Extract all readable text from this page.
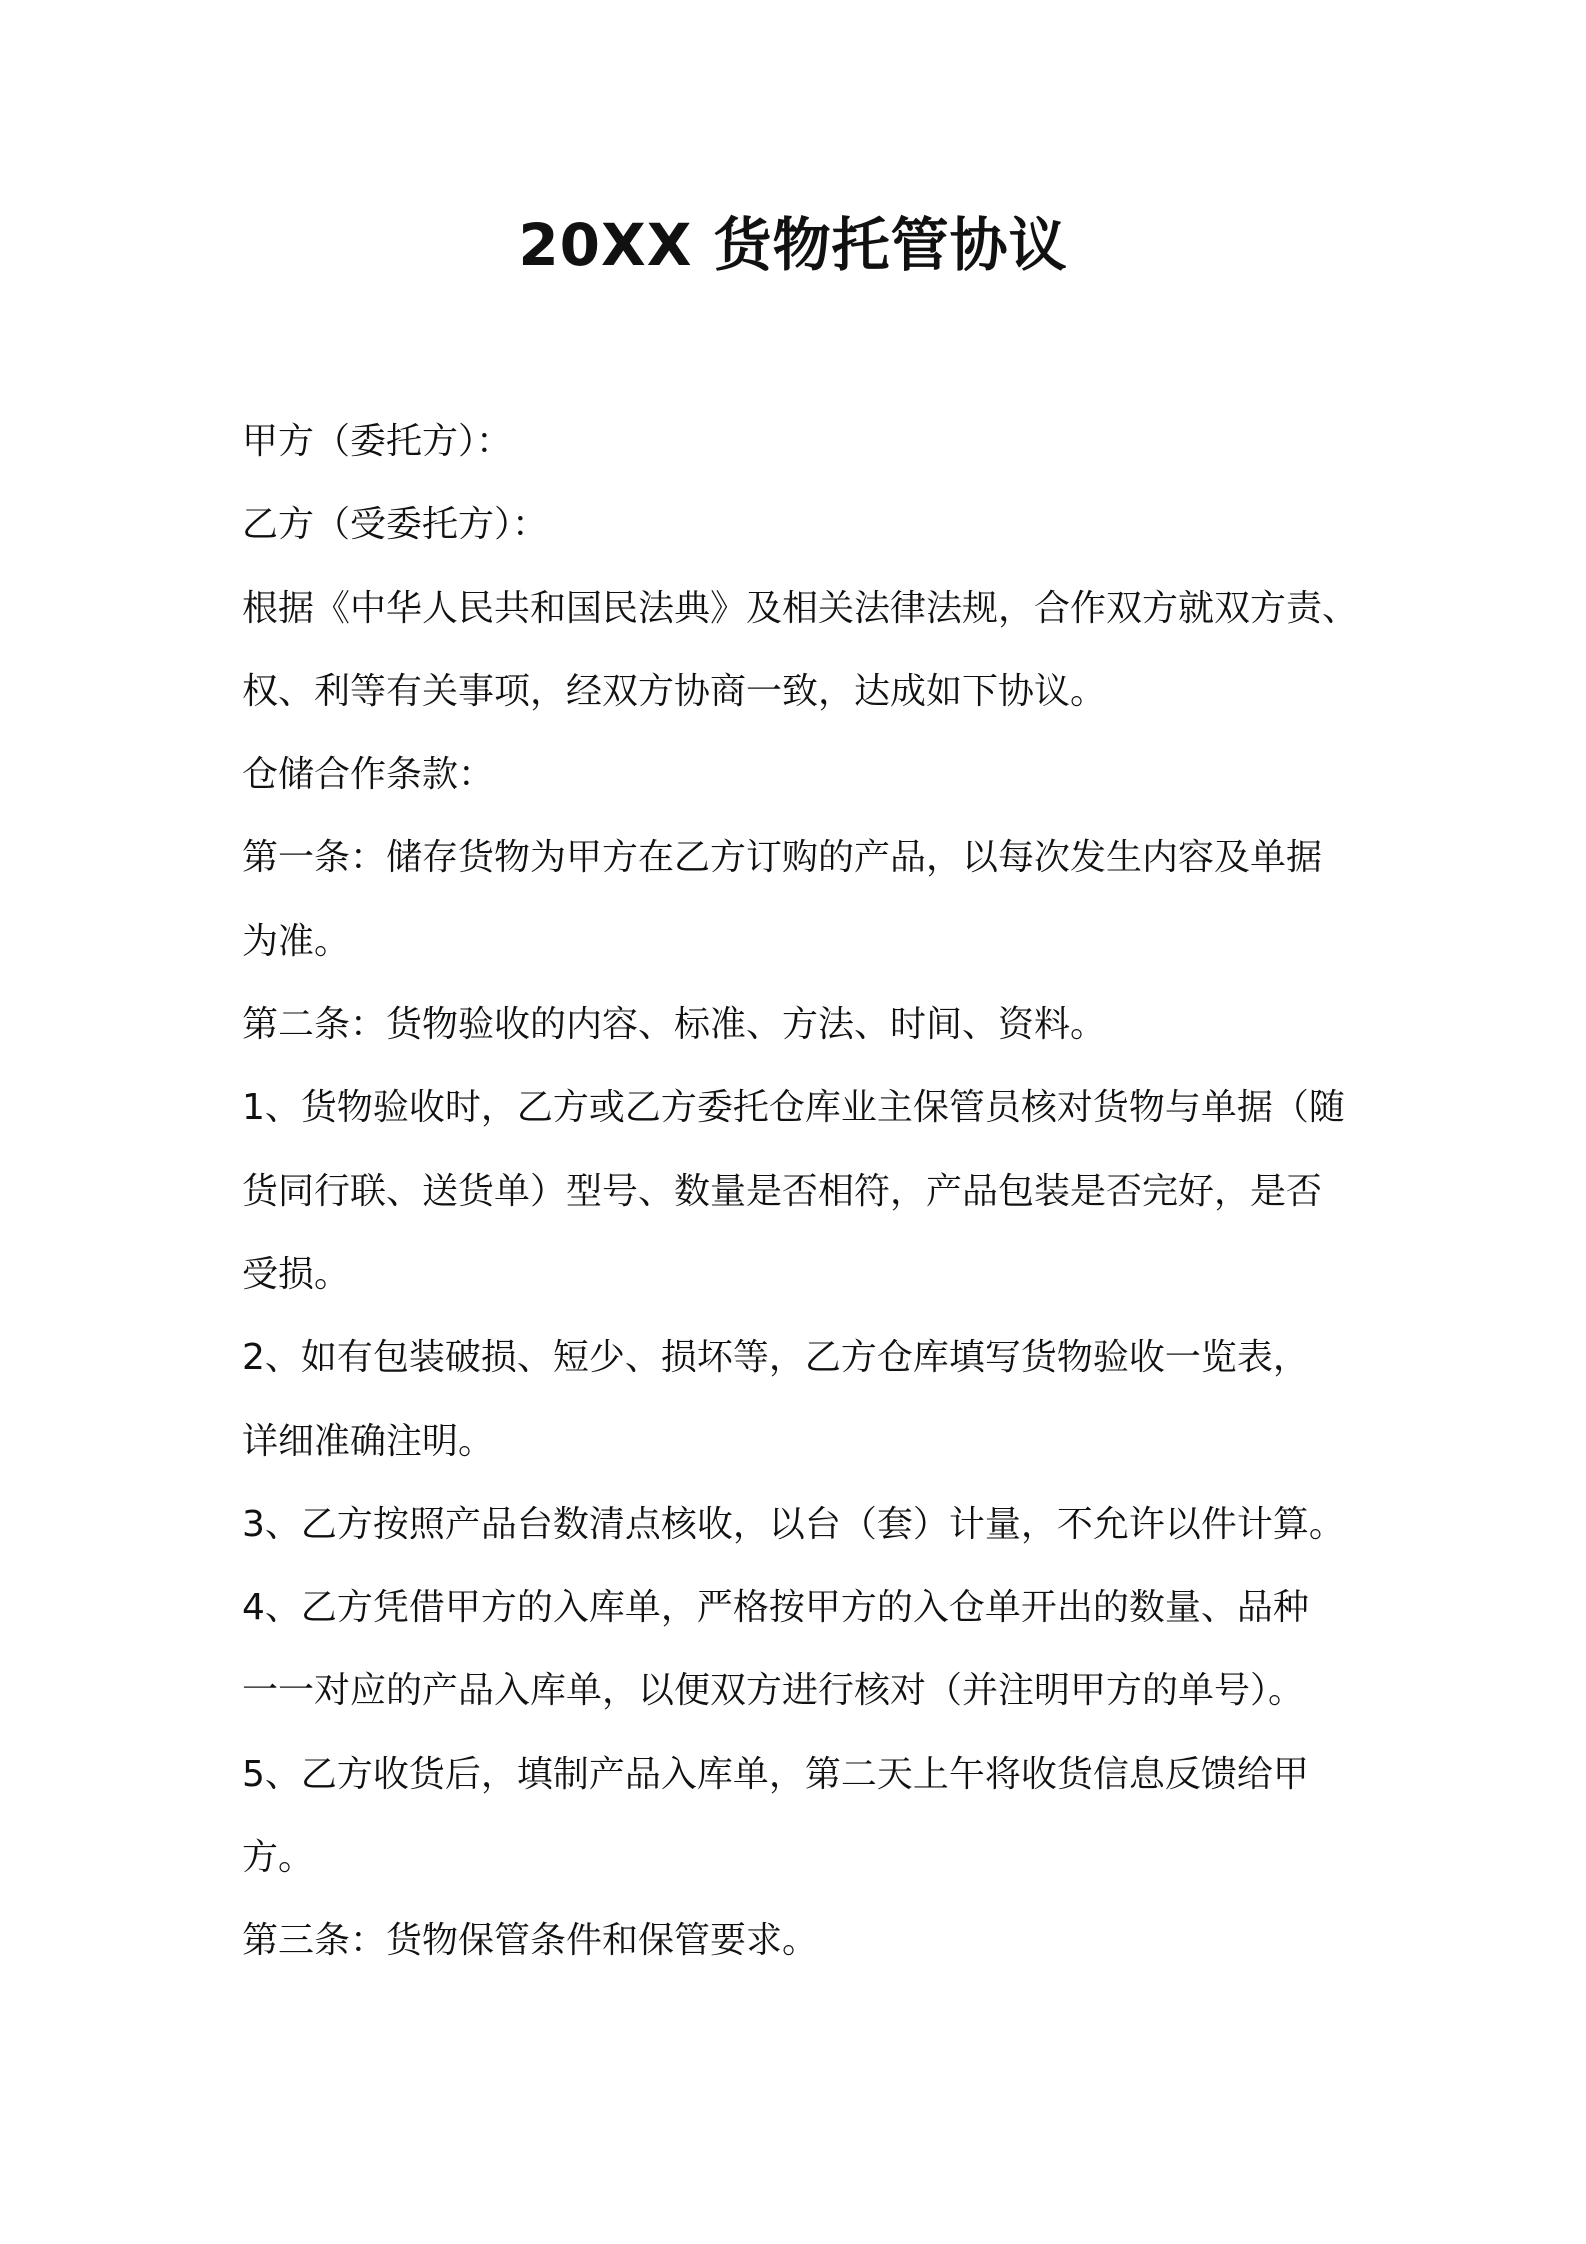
20XX 货物托管协议
甲方（委托方）：
乙方（受委托方）：
根据《中华人民共和国民法典》及相关法律法规，合作双方就双方责、
权、利等有关事项，经双方协商一致，达成如下协议。
仓储合作条款：
第一条：储存货物为甲方在乙方订购的产品，以每次发生内容及单据
为准。
第二条：货物验收的内容、标准、方法、时间、资料。
1、货物验收时，乙方或乙方委托仓库业主保管员核对货物与单据（随
货同行联、送货单）型号、数量是否相符，产品包装是否完好，是否
受损。
2、如有包装破损、短少、损坏等，乙方仓库填写货物验收一览表，
详细准确注明。
3、乙方按照产品台数清点核收，以台（套）计量，不允许以件计算。
4、乙方凭借甲方的入库单，严格按甲方的入仓单开出的数量、品种
一一对应的产品入库单，以便双方进行核对（并注明甲方的单号）。
5、乙方收货后，填制产品入库单，第二天上午将收货信息反馈给甲
方。
第三条：货物保管条件和保管要求。
